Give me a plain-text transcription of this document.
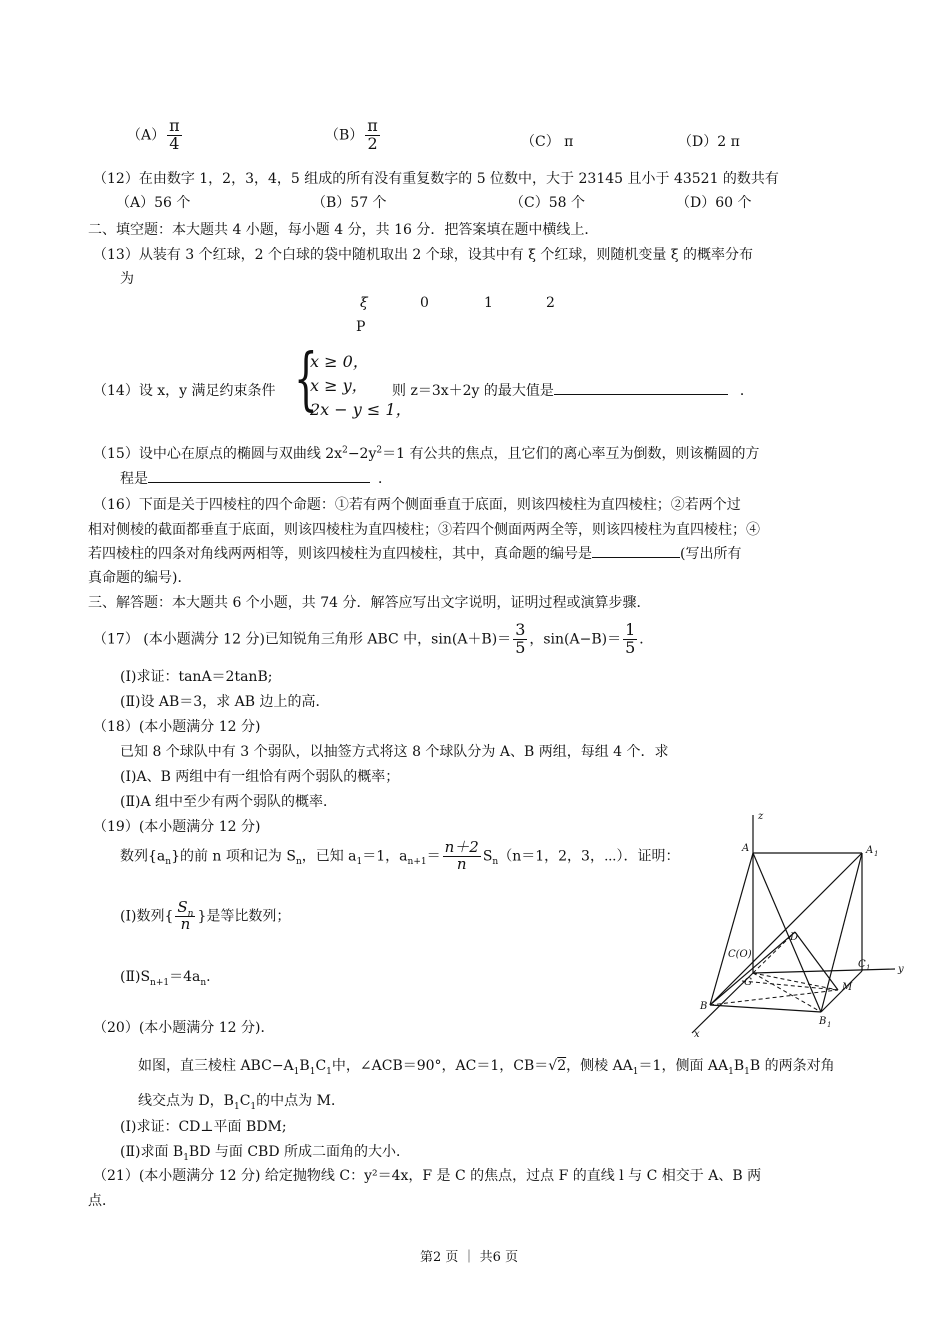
$(A) \frac{\pi}{4}$	$(B) \frac{\pi}{2}$	（C） π	（D）2 π
（12）在由数字 1，2，3，4，5 组成的所有没有重复数字的 5 位数中，大于 23145 且小于 43521 的数共有
（A）56 个	（B）57 个	（C）58 个	（D）60 个
二、填空题：本大题共 4 小题，每小题 4 分，共 16 分．把答案填在题中横线上．
（13）从装有 3 个红球，2 个白球的袋中随机取出 2 个球，设其中有 ξ 个红球，则随机变量 ξ 的概率分布
为
ξ	0	1	2
P
（14）设 x，y 满足约束条件 {
x ≥ 0，
x ≥ y，
2x − y ≤ 1，
则 z＝3x＋2y 的最大值是	．
（15）设中心在原点的椭圆与双曲线 $2x^2-2y^2=1$ 有公共的焦点，且它们的离心率互为倒数，则该椭圆的方
程是	．
（16）下面是关于四棱柱的四个命题：①若有两个侧面垂直于底面，则该四棱柱为直四棱柱；②若两个过
相对侧棱的截面都垂直于底面，则该四棱柱为直四棱柱；③若四个侧面两两全等，则该四棱柱为直四棱柱；④
若四棱柱的四条对角线两两相等，则该四棱柱为直四棱柱，其中，真命题的编号是	(写出所有
真命题的编号)．
三、解答题：本大题共 6 个小题，共 74 分．解答应写出文字说明，证明过程或演算步骤．
（17） (本小题满分 12 分)已知锐角三角形 ABC 中，$\sin(A+B)= \frac{3}{5}$ ，$\sin(A-B)= \frac{1}{5}$ ．
(Ⅰ)求证：tanA＝2tanB;
(Ⅱ)设 AB＝3，求 AB 边上的高．
（18）(本小题满分 12 分)
已知 8 个球队中有 3 个弱队，以抽签方式将这 8 个球队分为 A、B 两组，每组 4 个．求
(Ⅰ)A、B 两组中有一组恰有两个弱队的概率；
(Ⅱ)A 组中至少有两个弱队的概率．
（19）(本小题满分 12 分)
数列$\{a_n\}$的前 n 项和记为 $S_n$，已知 $a_1=1$，$a_{n+1}= \frac{n+2}{n} S_n(n=1$，2，3，⋯）．证明：
(Ⅰ)数列{ $\frac{S_n}{n}$ }是等比数列；
$(Ⅱ)S_{n+1}=4a_n$.
z
y
x
A	A 1
D
C(O)
C 1
G	M
B
B 1
（20）(本小题满分 12 分)．
如图，直三棱柱 $ABC-A_1B_1C_1$中，∠ACB＝90°，AC＝1，CB＝√2，侧棱 $AA_1=1$，侧面 $AA_1B_1B$ 的两条对角
线交点为 D，$B_1C_1$的中点为 M．
(Ⅰ)求证：CD⊥平面 BDM;
(Ⅱ)求面 $B_1BD$ 与面 CBD 所成二面角的大小．
（21）(本小题满分 12 分) 给定抛物线 C：y²＝4x，F 是 C 的焦点，过点 F 的直线 l 与 C 相交于 A、B 两
点．
第2 页 ｜ 共6 页
